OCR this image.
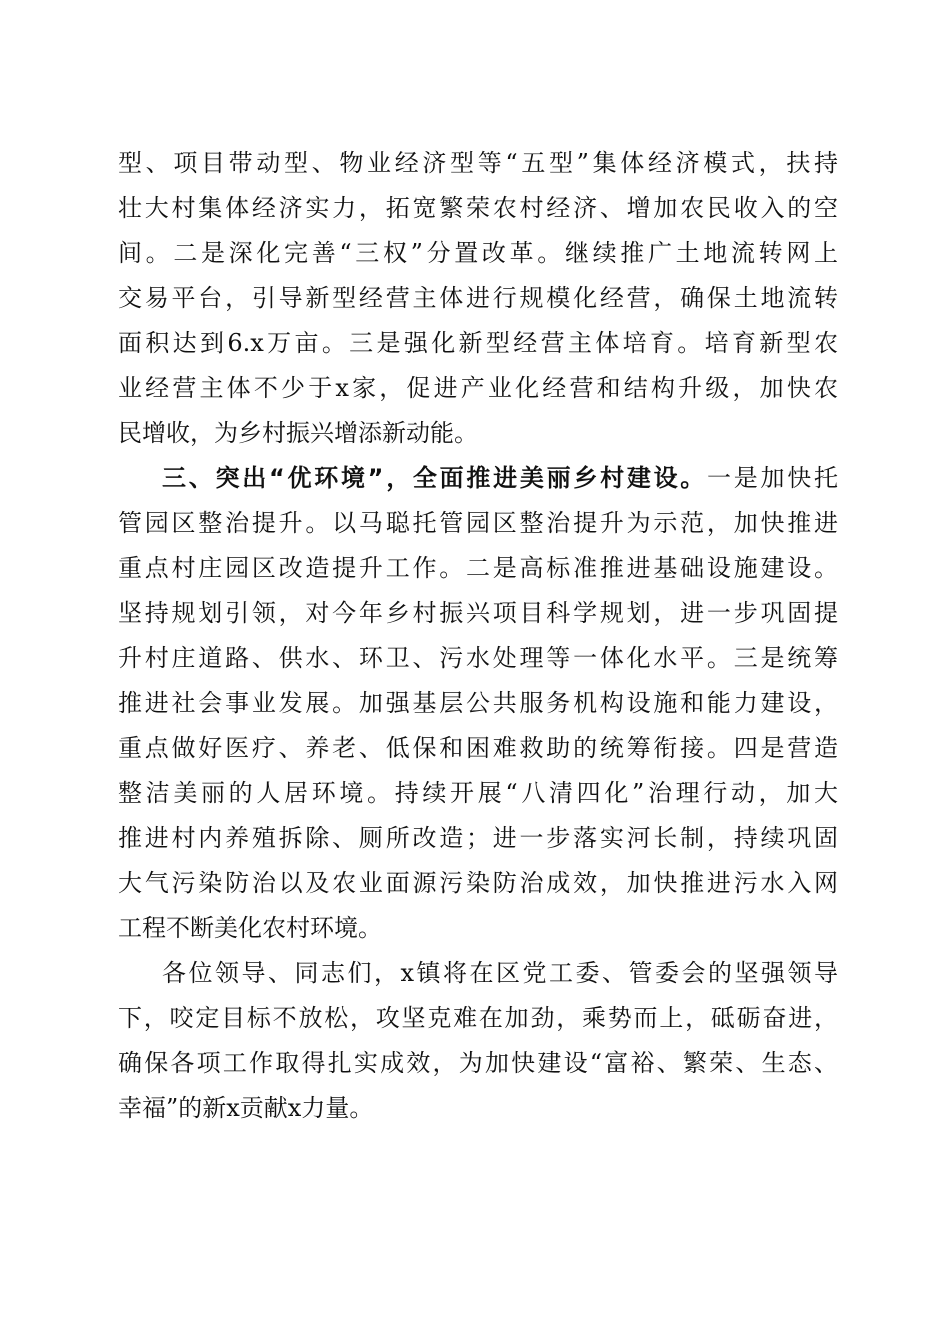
型、项目带动型、物业经济型等“五型”集体经济模式，扶持
壮大村集体经济实力，拓宽繁荣农村经济、增加农民收入的空
间。二是深化完善“三权”分置改革。继续推广土地流转网上
交易平台，引导新型经营主体进行规模化经营，确保土地流转
面积达到6.x万亩。三是强化新型经营主体培育。培育新型农
业经营主体不少于x家，促进产业化经营和结构升级，加快农
民增收，为乡村振兴增添新动能。
三、突出“优环境”，全面推进美丽乡村建设。一是加快托
管园区整治提升。以马聪托管园区整治提升为示范，加快推进
重点村庄园区改造提升工作。二是高标准推进基础设施建设。
坚持规划引领，对今年乡村振兴项目科学规划，进一步巩固提
升村庄道路、供水、环卫、污水处理等一体化水平。三是统筹
推进社会事业发展。加强基层公共服务机构设施和能力建设，
重点做好医疗、养老、低保和困难救助的统筹衔接。四是营造
整洁美丽的人居环境。持续开展“八清四化”治理行动，加大
推进村内养殖拆除、厕所改造；进一步落实河长制，持续巩固
大气污染防治以及农业面源污染防治成效，加快推进污水入网
工程不断美化农村环境。
各位领导、同志们，x镇将在区党工委、管委会的坚强领导
下，咬定目标不放松，攻坚克难在加劲，乘势而上，砥砺奋进，
确保各项工作取得扎实成效，为加快建设“富裕、繁荣、生态、
幸福”的新x贡献x力量。
